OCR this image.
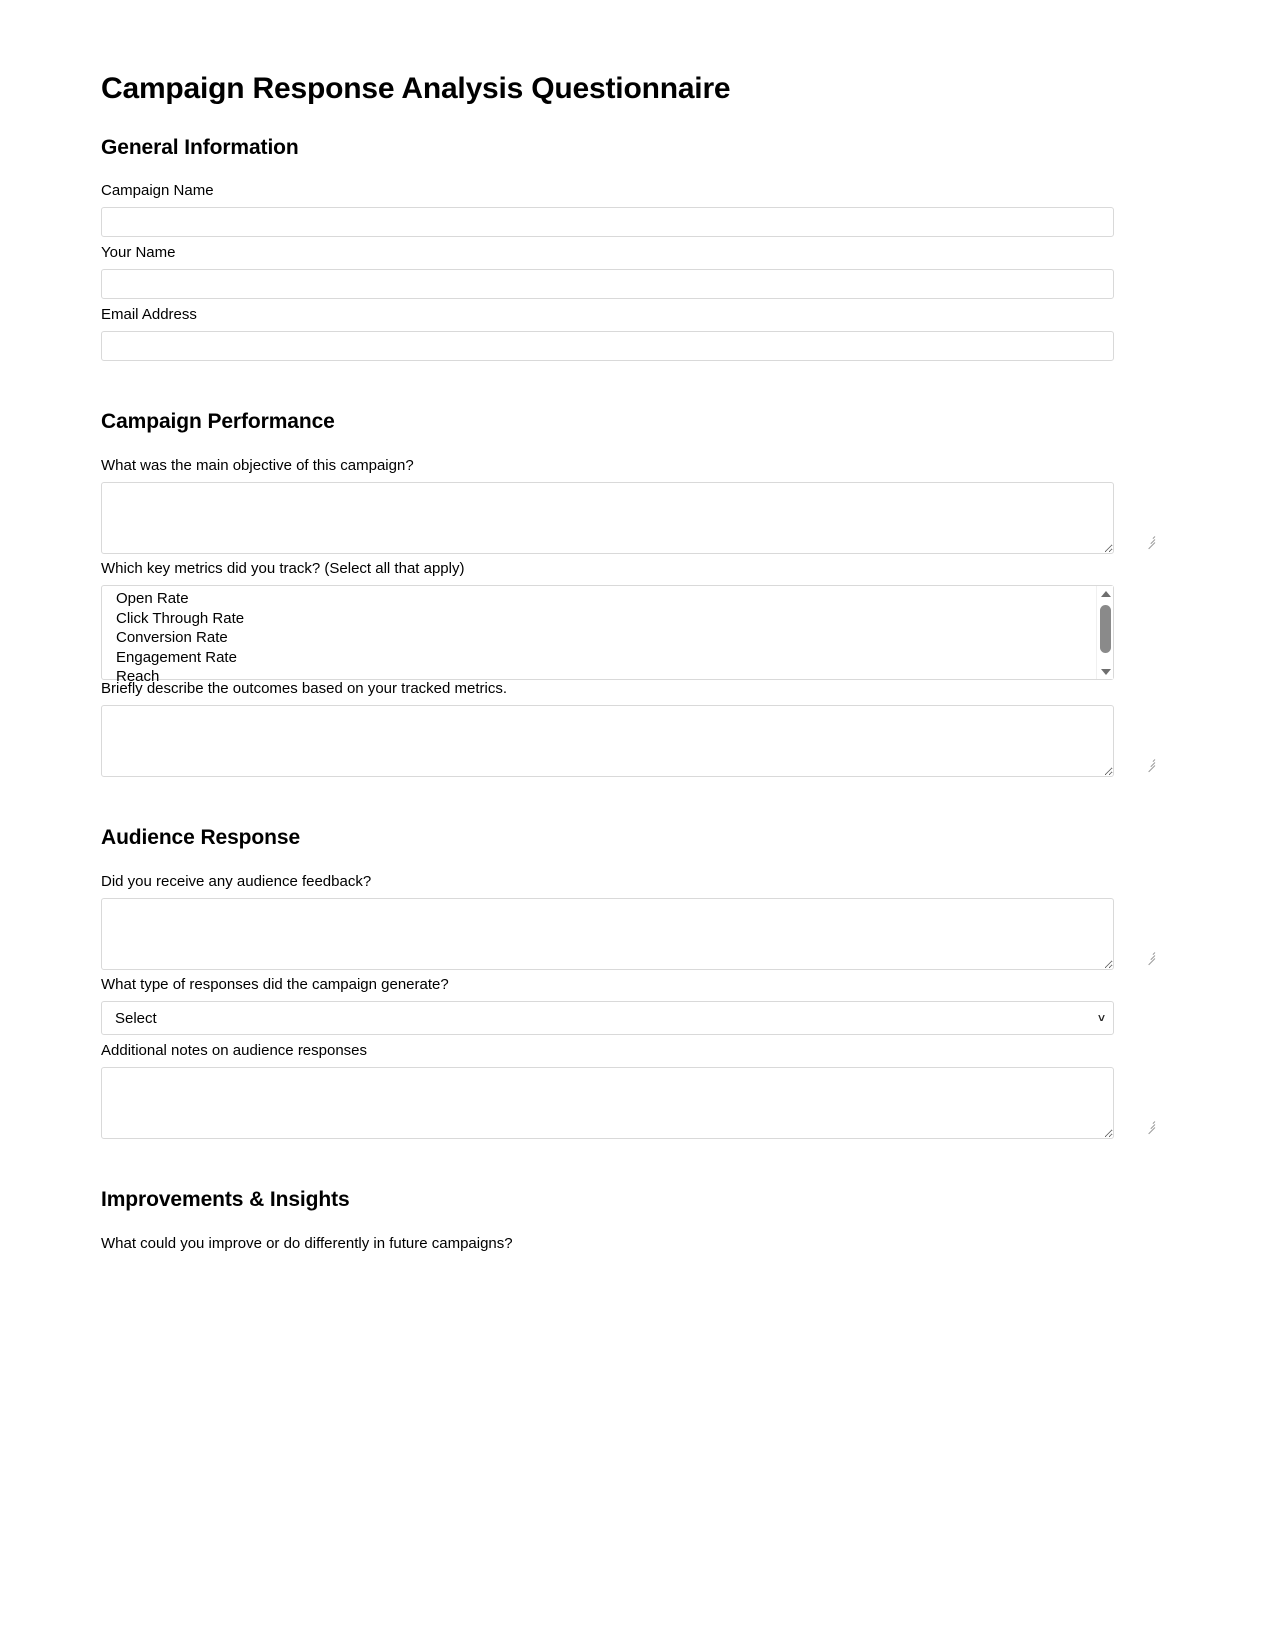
Campaign Response Analysis Questionnaire
General Information
Campaign Name
Your Name
Email Address
Campaign Performance
What was the main objective of this campaign?
Which key metrics did you track? (Select all that apply)
Open Rate
Click Through Rate
Conversion Rate
Engagement Rate
Reach
Briefly describe the outcomes based on your tracked metrics.
Audience Response
Did you receive any audience feedback?
What type of responses did the campaign generate?
Select	˅
Additional notes on audience responses
Improvements & Insights
What could you improve or do differently in future campaigns?
